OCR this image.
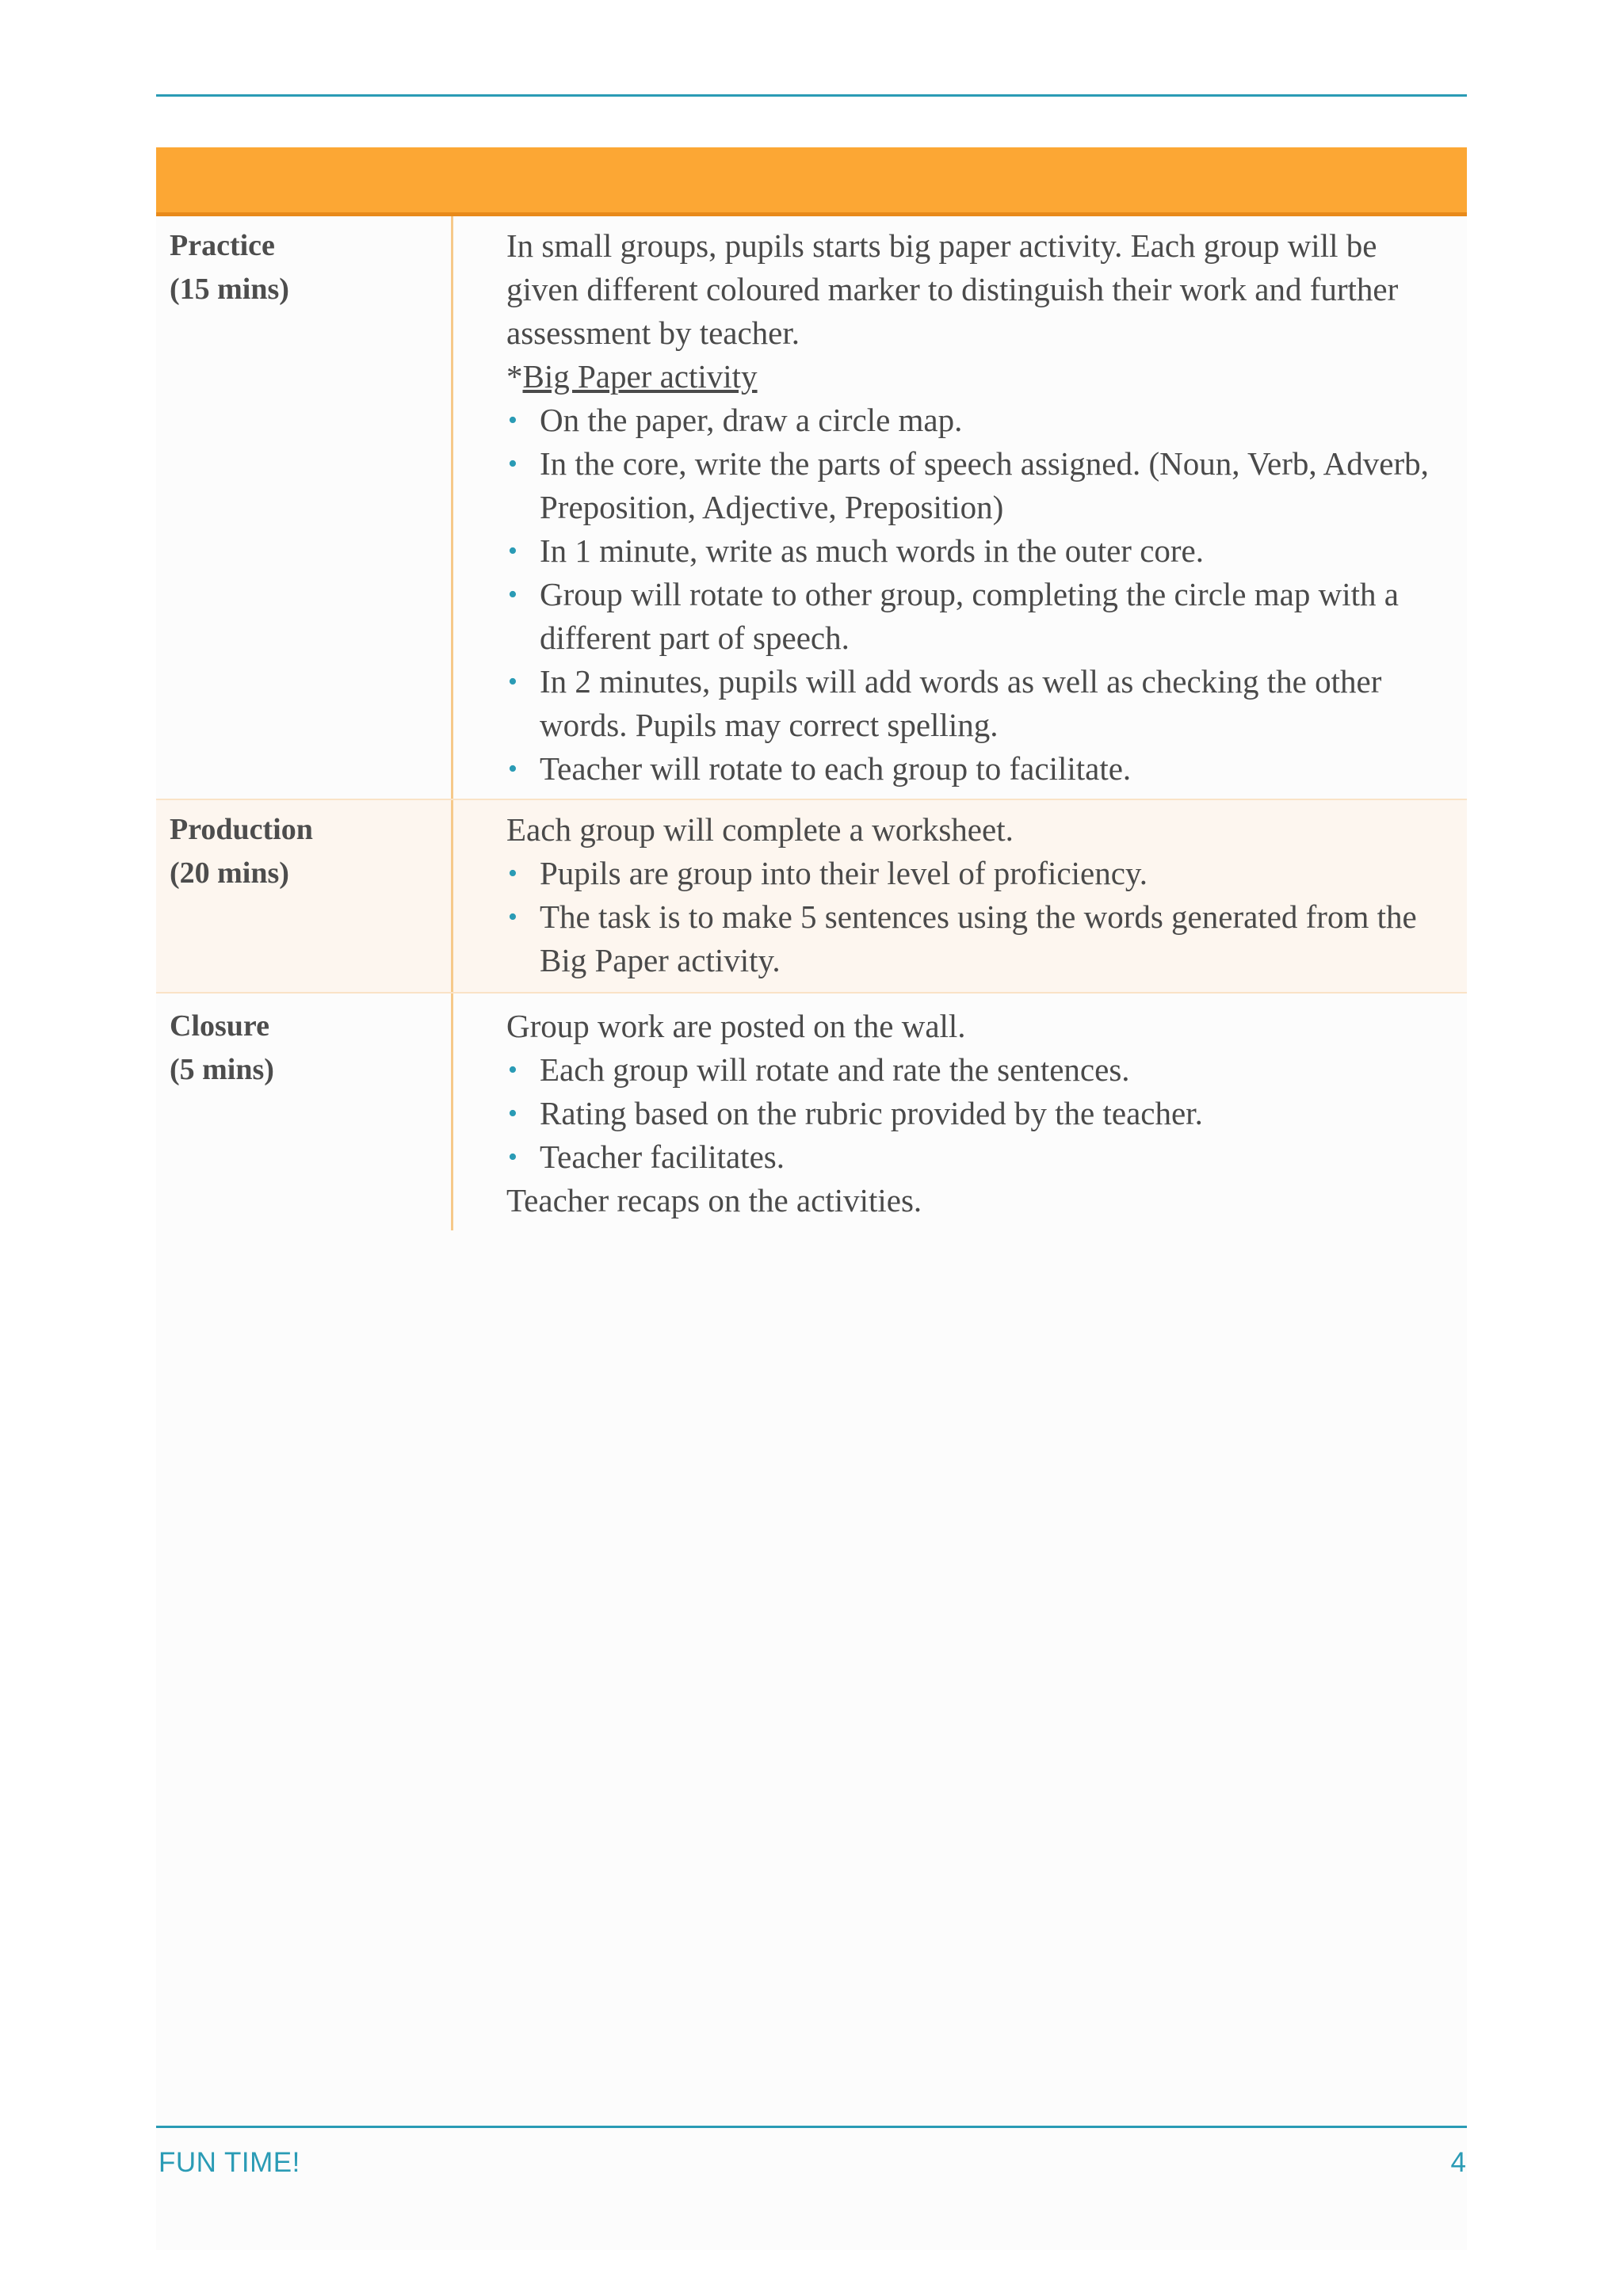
Practice
(15 mins)

In small groups, pupils starts big paper activity. Each group will be given different coloured marker to distinguish their work and further assessment by teacher.

*Big Paper activity

• On the paper, draw a circle map.
• In the core, write the parts of speech assigned. (Noun, Verb, Adverb, Preposition, Adjective, Preposition)
• In 1 minute, write as much words in the outer core.
• Group will rotate to other group, completing the circle map with a different part of speech.
• In 2 minutes, pupils will add words as well as checking the other words. Pupils may correct spelling.
• Teacher will rotate to each group to facilitate.
Production
(20 mins)

Each group will complete a worksheet.

• Pupils are group into their level of proficiency.
• The task is to make 5 sentences using the words generated from the Big Paper activity.
Closure
(5 mins)

Group work are posted on the wall.

• Each group will rotate and rate the sentences.
• Rating based on the rubric provided by the teacher.
• Teacher facilitates.

Teacher recaps on the activities.

FUN TIME!	4
